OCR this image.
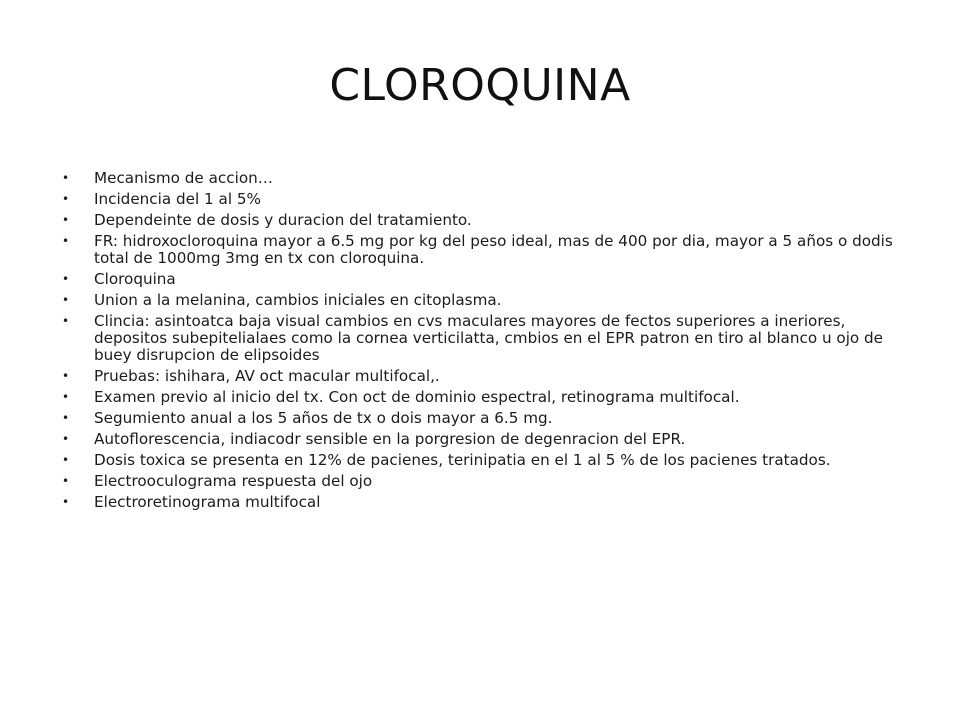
CLOROQUINA
• Mecanismo de accion…
• Incidencia del 1 al 5%
• Dependeinte de dosis y duracion del tratamiento.
• FR: hidroxocloroquina mayor a 6.5 mg por kg del peso ideal, mas de 400 por dia, mayor a 5 años o dodis total de 1000mg 3mg en tx con cloroquina.
• Cloroquina
• Union a la melanina, cambios iniciales en citoplasma.
• Clincia: asintoatca baja visual cambios en cvs maculares mayores de fectos superiores a ineriores, depositos subepitelialaes como la cornea verticilatta, cmbios en el EPR patron en tiro al blanco u ojo de buey disrupcion de elipsoides
• Pruebas: ishihara, AV oct macular multifocal,.
• Examen previo al inicio del tx. Con oct de dominio espectral, retinograma multifocal.
• Segumiento anual a los 5 años de tx o dois mayor a 6.5 mg.
• Autoflorescencia, indiacodr sensible en la porgresion de degenracion del EPR.
• Dosis toxica se presenta en 12% de pacienes, terinipatia en el 1 al 5 % de los pacienes tratados.
• Electrooculograma respuesta del ojo
• Electroretinograma multifocal
